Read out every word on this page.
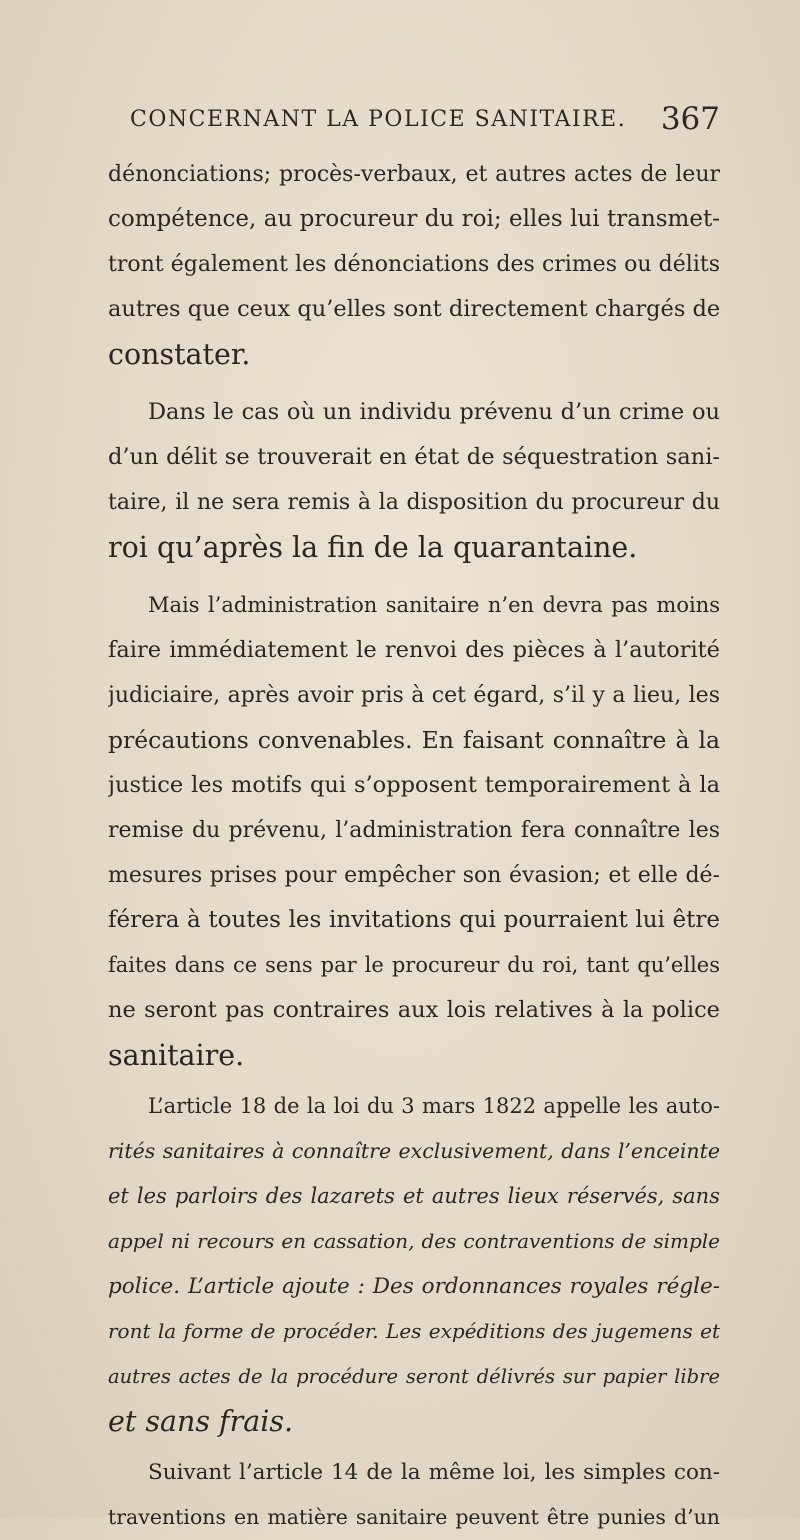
CONCERNANT LA POLICE SANITAIRE. 367
dénonciations; procès-verbaux, et autres actes de leur
compétence, au procureur du roi; elles lui transmet-
tront également les dénonciations des crimes ou délits
autres que ceux qu’elles sont directement chargés de
constater.
Dans le cas où un individu prévenu d’un crime ou
d’un délit se trouverait en état de séquestration sani-
taire, il ne sera remis à la disposition du procureur du
roi qu’après la fin de la quarantaine.
Mais l’administration sanitaire n’en devra pas moins
faire immédiatement le renvoi des pièces à l’autorité
judiciaire, après avoir pris à cet égard, s’il y a lieu, les
précautions convenables. En faisant connaître à la
justice les motifs qui s’opposent temporairement à la
remise du prévenu, l’administration fera connaître les
mesures prises pour empêcher son évasion; et elle dé-
férera à toutes les invitations qui pourraient lui être
faites dans ce sens par le procureur du roi, tant qu’elles
ne seront pas contraires aux lois relatives à la police
sanitaire.
L’article 18 de la loi du 3 mars 1822 appelle les auto-
rités sanitaires à connaître exclusivement, dans l’enceinte
et les parloirs des lazarets et autres lieux réservés, sans
appel ni recours en cassation, des contraventions de simple
police. L’article ajoute : Des ordonnances royales régle-
ront la forme de procéder. Les expéditions des jugemens et
autres actes de la procédure seront délivrés sur papier libre
et sans frais.
Suivant l’article 14 de la même loi, les simples con-
traventions en matière sanitaire peuvent être punies d’un
